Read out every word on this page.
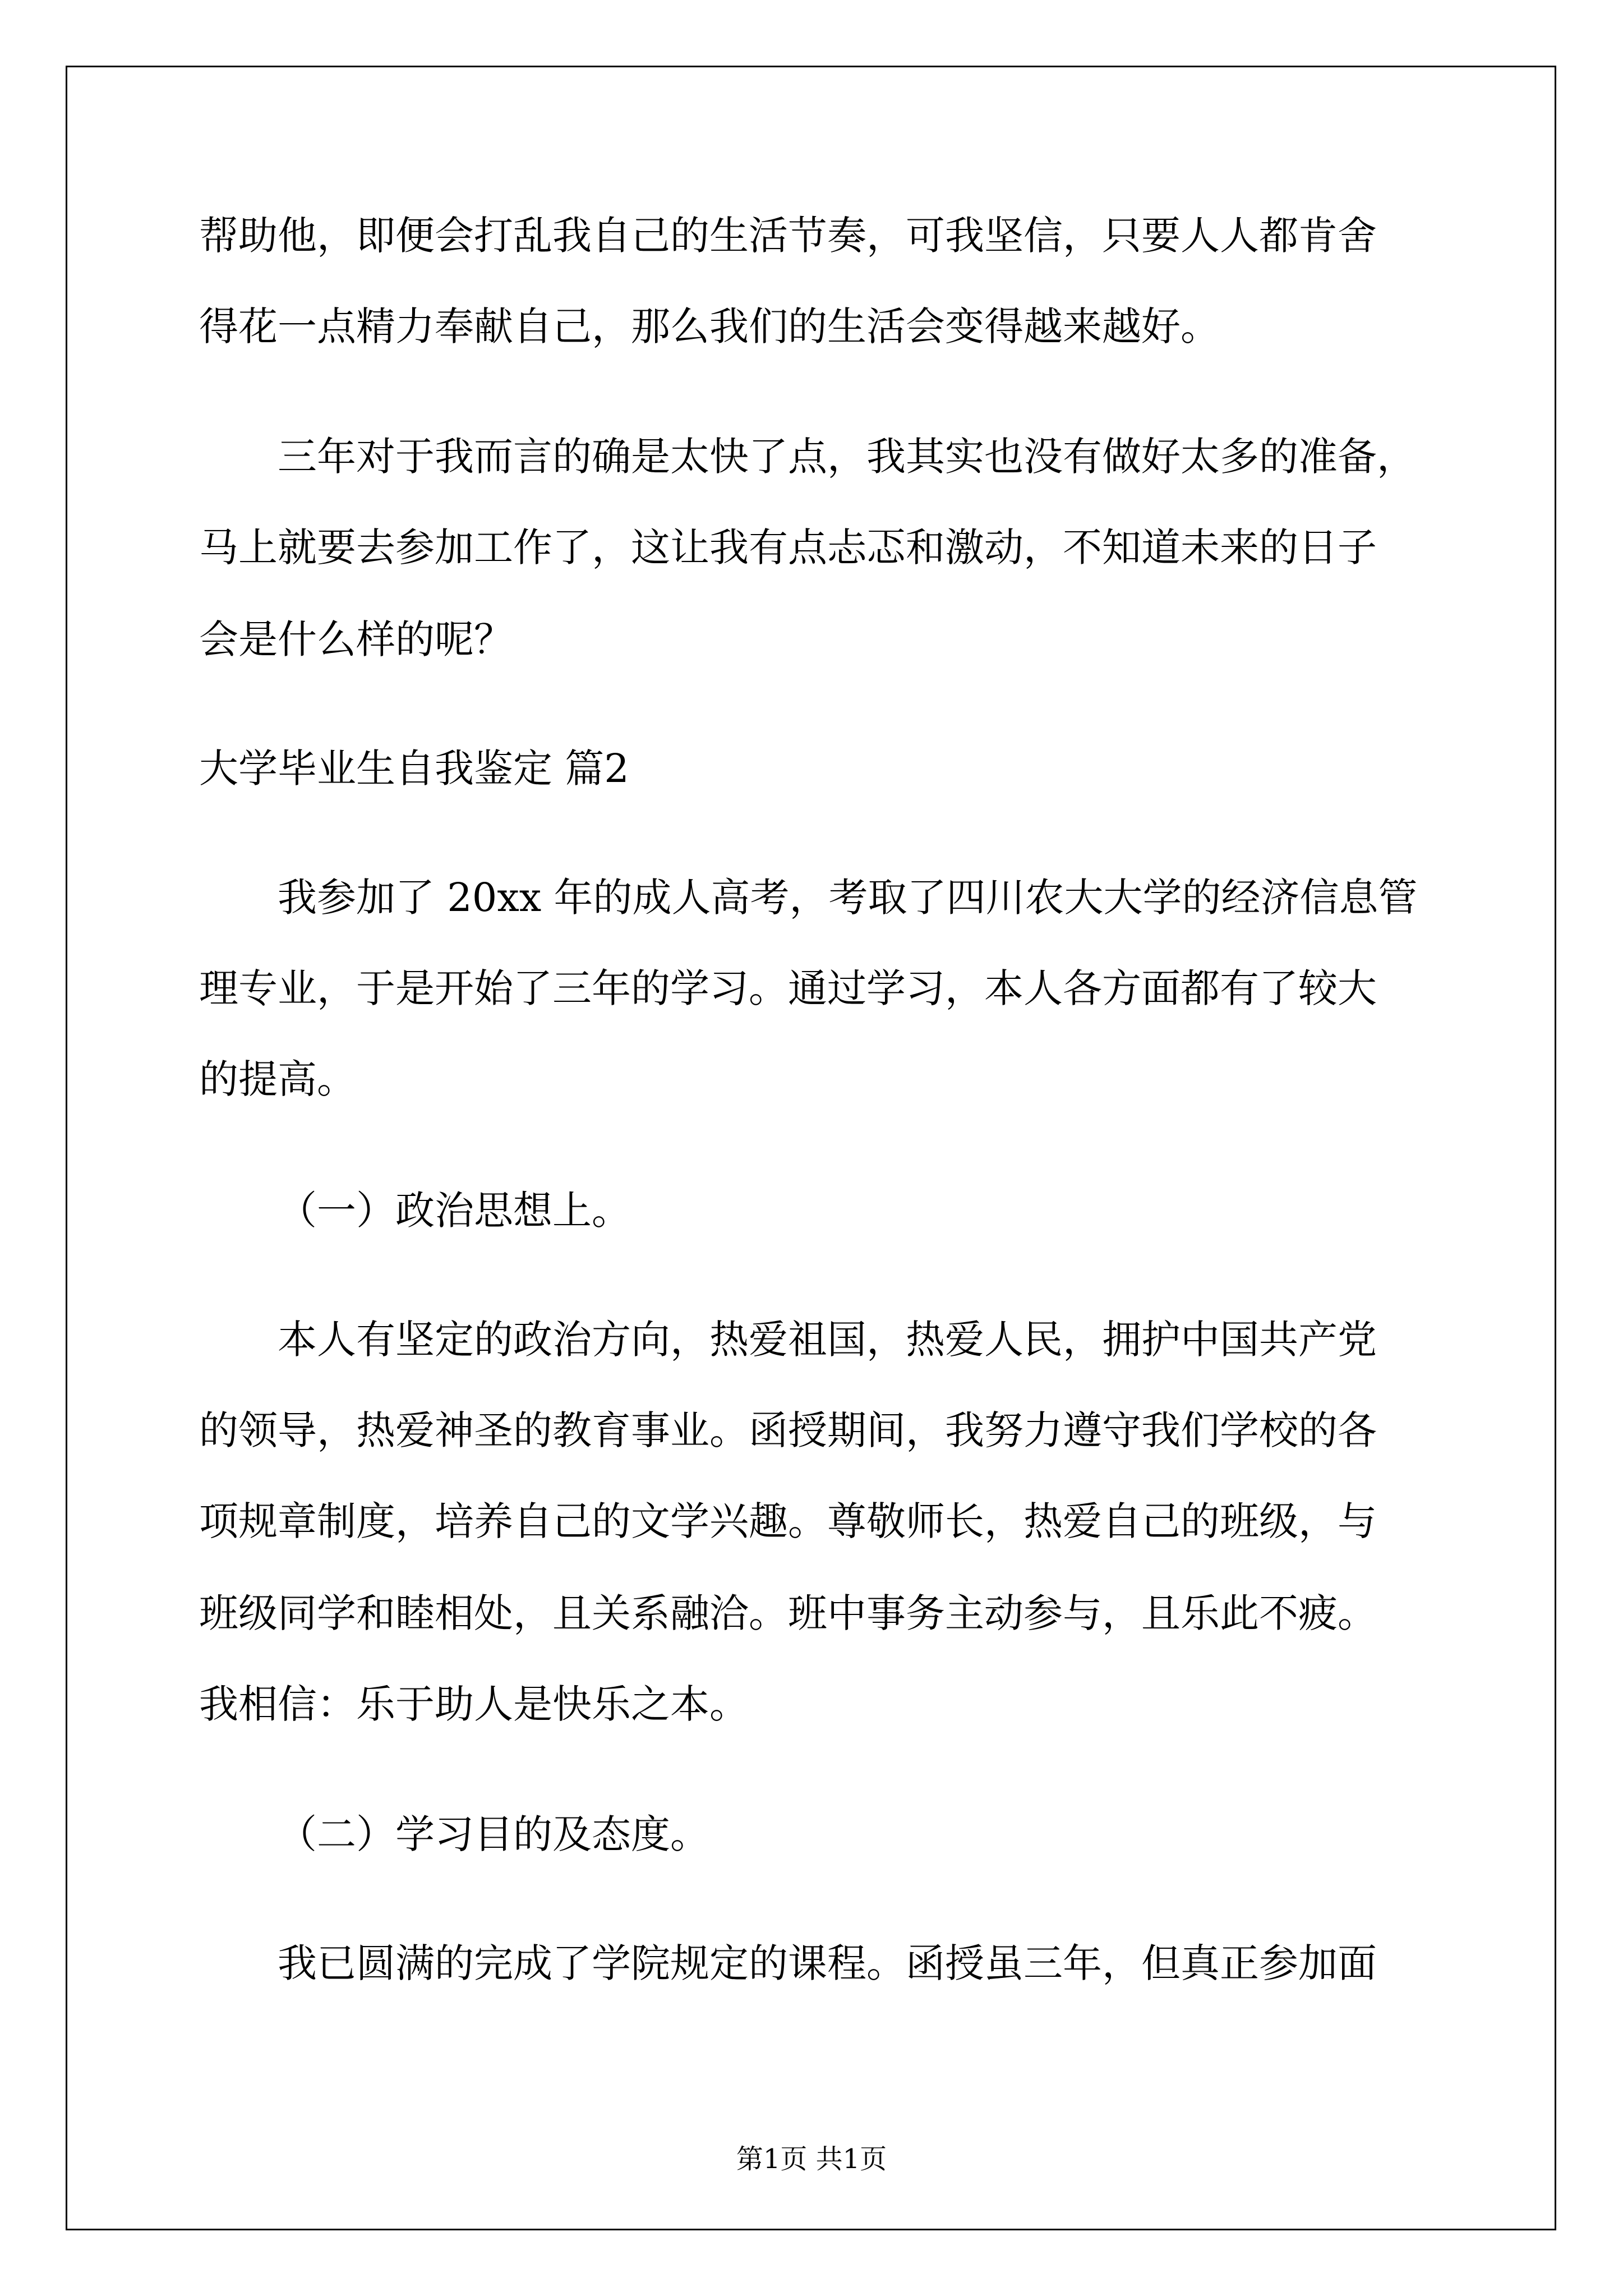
帮助他，即便会打乱我自己的生活节奏，可我坚信，只要人人都肯舍
得花一点精力奉献自己，那么我们的生活会变得越来越好。
三年对于我而言的确是太快了点，我其实也没有做好太多的准备，
马上就要去参加工作了，这让我有点忐忑和激动，不知道未来的日子
会是什么样的呢？
大学毕业生自我鉴定 篇2
我参加了 20xx 年的成人高考，考取了四川农大大学的经济信息管
理专业，于是开始了三年的学习。通过学习，本人各方面都有了较大
的提高。
（一）政治思想上。
本人有坚定的政治方向，热爱祖国，热爱人民，拥护中国共产党
的领导，热爱神圣的教育事业。函授期间，我努力遵守我们学校的各
项规章制度，培养自己的文学兴趣。尊敬师长，热爱自己的班级，与
班级同学和睦相处，且关系融洽。班中事务主动参与，且乐此不疲。
我相信：乐于助人是快乐之本。
（二）学习目的及态度。
我已圆满的完成了学院规定的课程。函授虽三年，但真正参加面
第1页 共1页
